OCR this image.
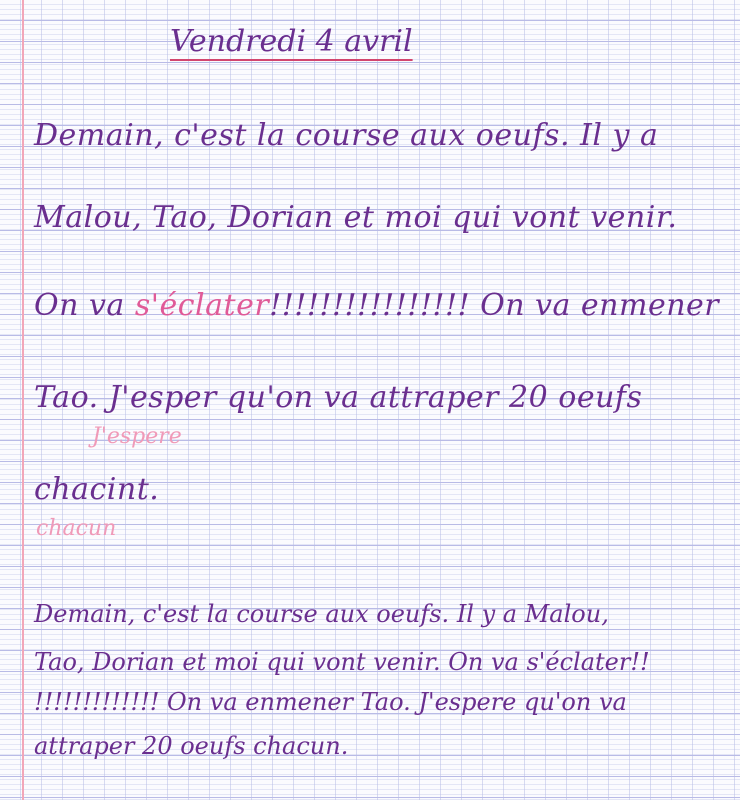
Vendredi 4 avril
Demain, c'est la course aux oeufs. Il y a
Malou, Tao, Dorian et moi qui vont venir.
On va s'éclater!!!!!!!!!!!!!!!! On va enmener
Tao. J'esper qu'on va attraper 20 oeufs
J'espere
chacint.
chacun
Demain, c'est la course aux oeufs. Il y a Malou,
Tao, Dorian et moi qui vont venir. On va s'éclater!!
!!!!!!!!!!!!! On va enmener Tao. J'espere qu'on va
attraper 20 oeufs chacun.
